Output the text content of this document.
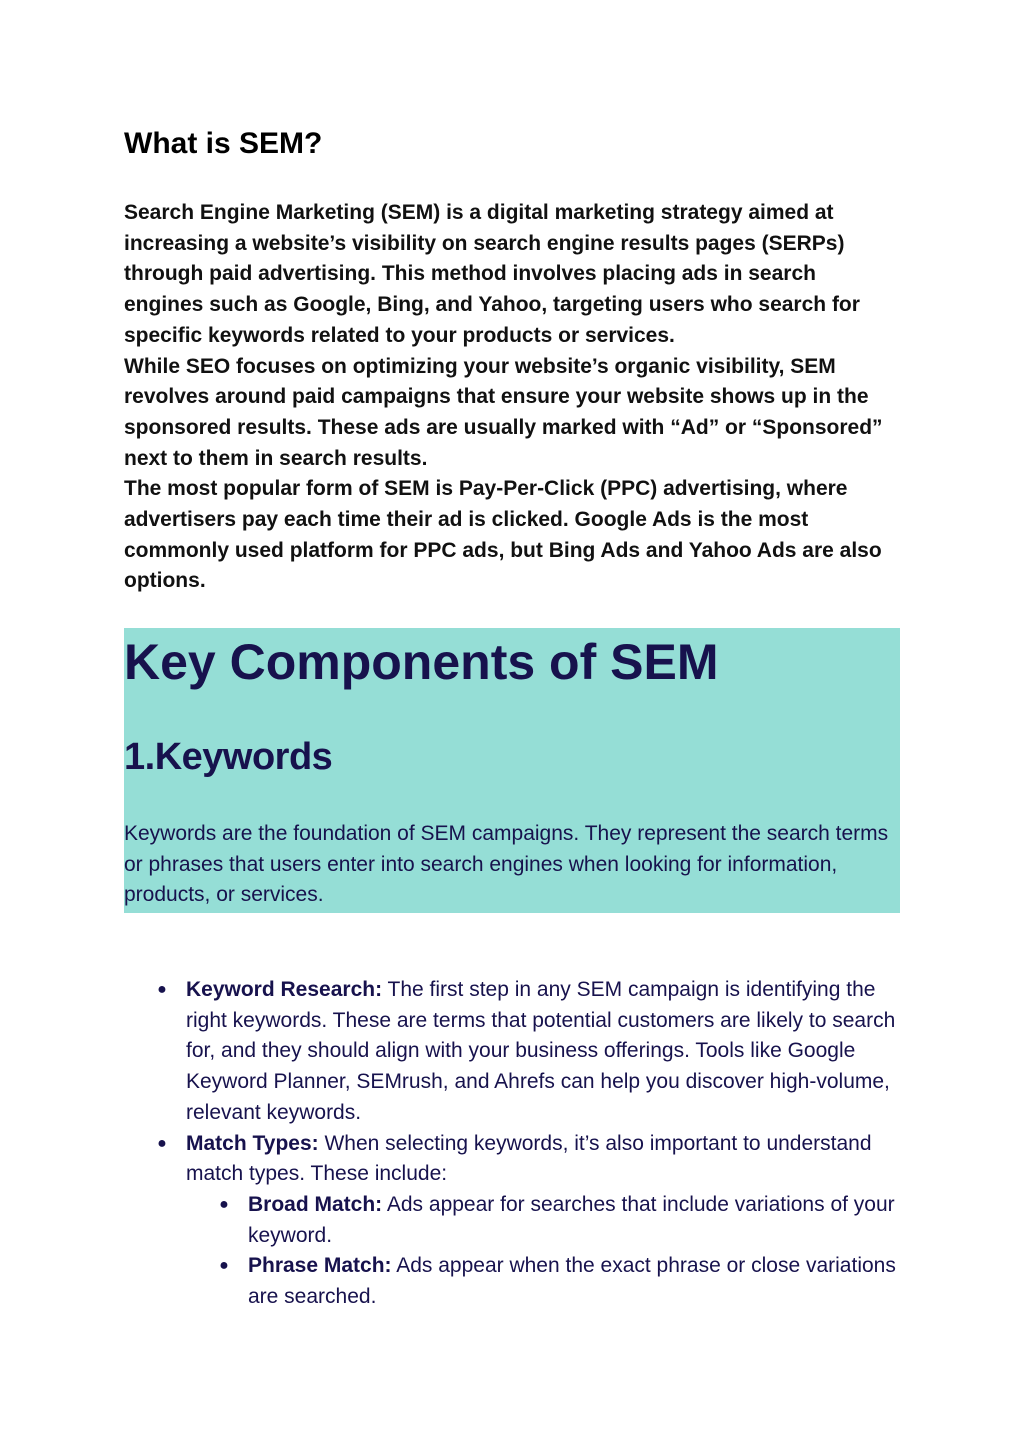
What is SEM?

Search Engine Marketing (SEM) is a digital marketing strategy aimed at increasing a website’s visibility on search engine results pages (SERPs) through paid advertising. This method involves placing ads in search engines such as Google, Bing, and Yahoo, targeting users who search for specific keywords related to your products or services.

While SEO focuses on optimizing your website’s organic visibility, SEM revolves around paid campaigns that ensure your website shows up in the sponsored results. These ads are usually marked with “Ad” or “Sponsored” next to them in search results.

The most popular form of SEM is Pay-Per-Click (PPC) advertising, where advertisers pay each time their ad is clicked. Google Ads is the most commonly used platform for PPC ads, but Bing Ads and Yahoo Ads are also options.

Key Components of SEM
1.Keywords

Keywords are the foundation of SEM campaigns. They represent the search terms or phrases that users enter into search engines when looking for information, products, or services.

● Keyword Research: The first step in any SEM campaign is identifying the right keywords. These are terms that potential customers are likely to search for, and they should align with your business offerings. Tools like Google Keyword Planner, SEMrush, and Ahrefs can help you discover high-volume, relevant keywords.
● Match Types: When selecting keywords, it’s also important to understand match types. These include:
● Broad Match: Ads appear for searches that include variations of your keyword.
● Phrase Match: Ads appear when the exact phrase or close variations are searched.
